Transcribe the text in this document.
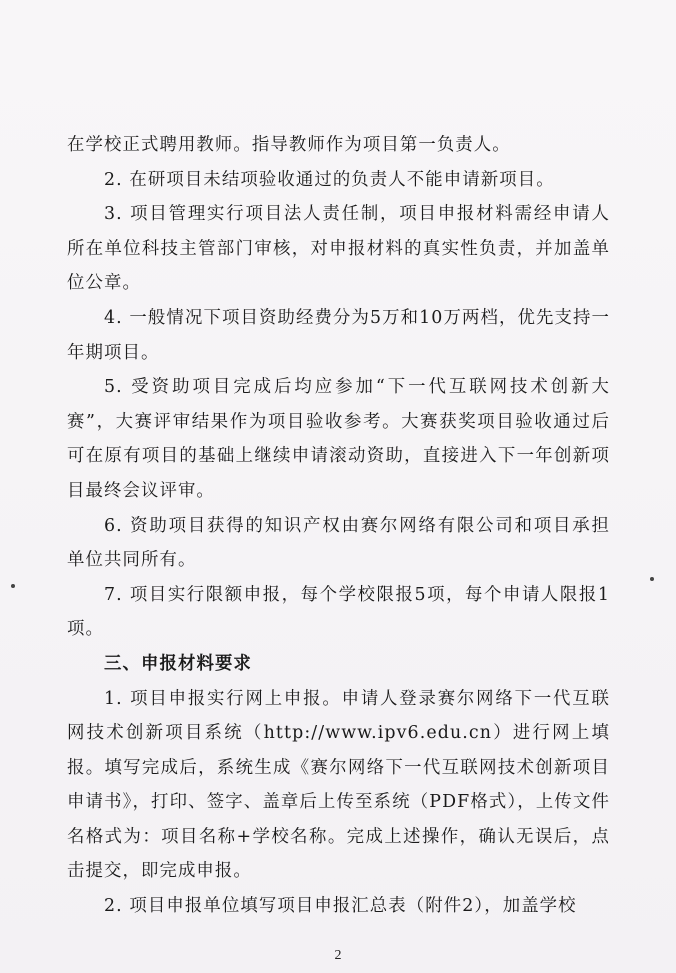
在学校正式聘用教师。指导教师作为项目第一负责人。

2. 在研项目未结项验收通过的负责人不能申请新项目。

3. 项目管理实行项目法人责任制，项目申报材料需经申请人所在单位科技主管部门审核，对申报材料的真实性负责，并加盖单位公章。

4. 一般情况下项目资助经费分为5万和10万两档，优先支持一年期项目。

5. 受资助项目完成后均应参加“下一代互联网技术创新大赛”，大赛评审结果作为项目验收参考。大赛获奖项目验收通过后可在原有项目的基础上继续申请滚动资助，直接进入下一年创新项目最终会议评审。

6. 资助项目获得的知识产权由赛尔网络有限公司和项目承担单位共同所有。

7. 项目实行限额申报，每个学校限报5项，每个申请人限报1项。

三、申报材料要求

1. 项目申报实行网上申报。申请人登录赛尔网络下一代互联网技术创新项目系统（http://www.ipv6.edu.cn）进行网上填报。填写完成后，系统生成《赛尔网络下一代互联网技术创新项目申请书》，打印、签字、盖章后上传至系统（PDF格式），上传文件名格式为：项目名称+学校名称。完成上述操作，确认无误后，点击提交，即完成申报。

2. 项目申报单位填写项目申报汇总表（附件2），加盖学校

2
